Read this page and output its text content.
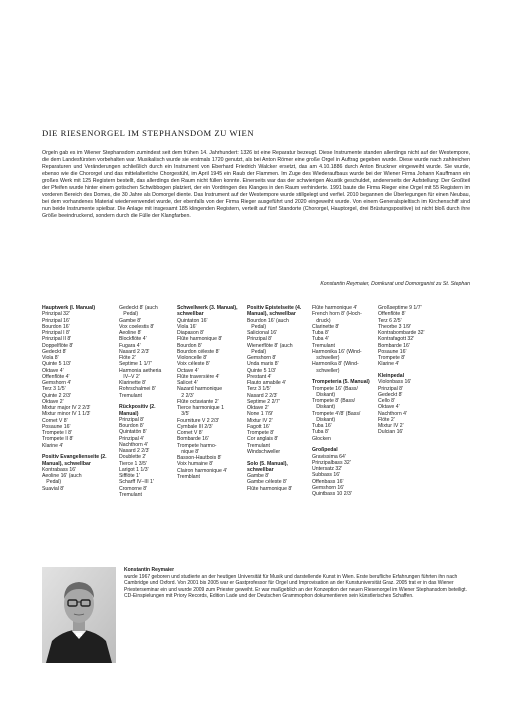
DIE RIESENORGEL IM STEPHANSDOM ZU WIEN
Orgeln gab es im Wiener Stephansdom zumindest seit dem frühen 14. Jahrhundert: 1326 ist eine Reparatur bezeugt. Diese Instrumente standen allerdings nicht auf der Westempore, die dem Landesfürsten vorbehalten war. Musikalisch wurde sie erstmals 1720 genutzt, als bei Anton Römer eine große Orgel in Auftrag gegeben wurde. Diese wurde nach zahlreichen Reparaturen und Veränderungen schließlich durch ein Instrument von Eberhard Friedrich Walcker ersetzt, das am 4.10.1886 durch Anton Bruckner eingeweiht wurde. Sie wurde, ebenso wie die Chororgel und das mittelalterliche Chorgestühl, im April 1945 ein Raub der Flammen. Im Zuge des Wiederaufbaus wurde bei der Wiener Firma Johann Kauffmann ein großes Werk mit 125 Registern bestellt, das allerdings den Raum nicht füllen konnte. Einerseits war das der schwierigen Akustik geschuldet, andererseits der Aufstellung: Der Großteil der Pfeifen wurde hinter einem gotischen Schwibbogen platziert, der ein Vordringen des Klanges in den Raum verhinderte. 1991 baute die Firma Rieger eine Orgel mit 55 Registern im vorderen Bereich des Domes, die 30 Jahre als Domorgel diente. Das Instrument auf der Westempore wurde stillgelegt und verfiel. 2010 begannen die Überlegungen für einen Neubau, bei dem vorhandenes Material wiederverwendet wurde, der ebenfalls von der Firma Rieger ausgeführt und 2020 eingeweiht wurde. Von einem Generalspieltisch im Kirchenschiff sind nun beide Instrumente spielbar. Die Anlage mit insgesamt 185 klingenden Registern, verteilt auf fünf Standorte (Chororgel, Hauptorgel, drei Brüstungspositive) ist nicht bloß durch ihre Größe beeindruckend, sondern durch die Fülle der Klangfarben.
Konstantin Reymaier, Domkurat und Domorganist zu St. Stephan
Hauptwerk (I. Manual)
Prinzipal 32'
Prinzipal 16'
Bourdon 16'
Prinzipal I 8'
Prinzipal II 8'
Doppelflöte 8'
Gedeckt 8'
Viola 8'
Quinte 5 1/3'
Oktave 4'
Offenflöte 4'
Gemshorn 4'
Terz 3 1/5'
Quinte 2 2/3'
Oktave 2'
Mixtur major IV 2 2/3'
Mixtur minor IV 1 1/3'
Cornet V 8'
Posaune 16'
Trompete I 8'
Trompete II 8'
Klarine 4'
Positiv Evangelienseite (2. Manual), schwellbar
Kontrabass 16'
Aeoline 16' (auch
Pedal)
Suavial 8'
Gedeckt 8' (auch
Pedal)
Gambe 8'
Vox coelestis 8'
Aeoline 8'
Blockflöte 4'
Fugara 4'
Nasard 2 2/3'
Flöte 2'
Septime 1 1/7'
Harmonia aetheria
IV–V 2'
Klarinette 8'
Rohrschalmei 8'
Tremulant
Rückpositiv (2. Manual)
Prinzipal 8'
Bourdon 8'
Quintatön 8'
Prinzipal 4'
Nachthorn 4'
Nasard 2 2/3'
Doublette 2'
Tierce 1 3/5'
Larigot 1 1/3'
Sifflöte 1'
Scharff IV–III 1'
Cromorne 8'
Tremulant
Schwellwerk (3. Manual), schwellbar
Quintaton 16'
Viola 16'
Diapason 8'
Flûte harmonique 8'
Bourdon 8'
Bourdon céleste 8'
Violoncelle 8'
Voix céleste 8'
Octave 4'
Flûte traversière 4'
Salicet 4'
Nazard harmonique
2 2/3'
Flûte octaviante 2'
Tierce harmonique 1
3/5'
Fourniture V 2 2/3'
Cymbale III 2/3'
Cornet V 8'
Bombarde 16'
Trompete harmo-
nique 8'
Basson-Hautbois 8'
Voix humaine 8'
Clairon harmonique 4'
Tremblant
Positiv Epistelseite (4. Manual), schwellbar
Bourdon 16' (auch
Pedal)
Salicional 16'
Prinzipal 8'
Wienerflöte 8' (auch
Pedal)
Gemshorn 8'
Unda maris 8'
Quinte 5 1/3'
Prestant 4'
Flauto amabile 4'
Terz 3 1/5'
Nasard 2 2/3'
Septime 2 2/7'
Oktave 2'
None 1 7/9'
Mixtur IV 2'
Fagott 16'
Trompete 8'
Cor anglais 8'
Tremulant
Windschweller
Solo (5. Manual), schwellbar
Gambe 8'
Gambe céleste 8'
Flûte harmonique 8'
Flûte harmonique 4'
French horn 8' (Hoch-
druck)
Clarinette 8'
Tuba 8'
Tuba 4'
Tremulant
Harmonika 16' (Wind-
schweller)
Harmonika 8' (Wind-
schweller)
Trompeteria (5. Manual)
Trompete 16' (Bass/
Diskant)
Trompete 8' (Bass/
Diskant)
Trompete 4'/8' (Bass/
Diskant)
Tuba 16'
Tuba 8'
Glocken
Großpedal
Gravissima 64'
Prinzipalbass 32'
Untersatz 32'
Subbass 16'
Offenbass 16'
Gemshorn 16'
Quintbass 10 2/3'
Großseptime 9 1/7'
Offenflöte 8'
Terz 6 2/5'
Theorbe 3 1/9'
Kontrabombarde 32'
Kontrafagott 32'
Bombarde 16'
Posaune 16'
Trompete 8'
Klarine 4'
Kleinpedal
Violonbass 16'
Prinzipal 8'
Gedeckt 8'
Cello 8'
Oktave 4'
Nachthorn 4'
Flöte 2'
Mixtur IV 2'
Dulcian 16'
Konstantin Reymaier
wurde 1967 geboren und studierte an der heutigen Universität für Musik und darstellende Kunst in Wien. Erste berufliche Erfahrungen führten ihn nach Cambridge und Oxford. Von 2001 bis 2005 war er Gastprofessor für Orgel und Improvisation an der Kunstuniversität Graz. 2005 trat er in das Wiener Priesterseminar ein und wurde 2009 zum Priester geweiht. Er war maßgeblich an der Konzeption der neuen Riesenorgel im Wiener Stephansdom beteiligt. CD-Einspielungen mit Priory Records, Edition Lade und der Deutschen Grammophon dokumentieren sein künstlerisches Schaffen.
